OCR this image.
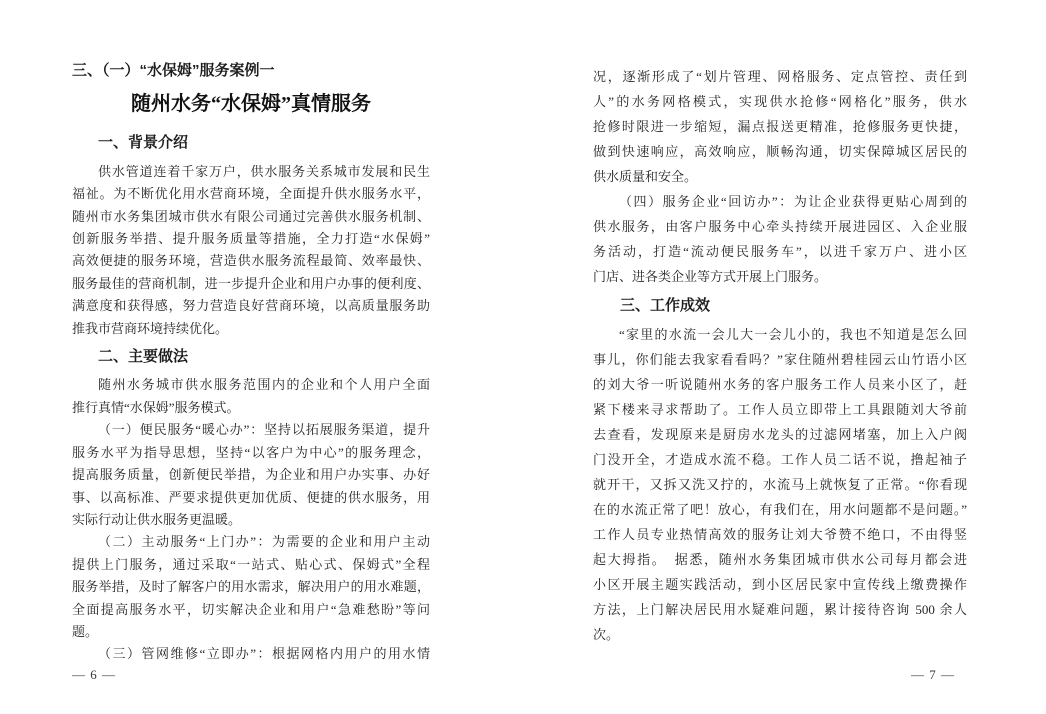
三、（一）“水保姆”服务案例一
随州水务“水保姆”真情服务
一、背景介绍
供水管道连着千家万户，供水服务关系城市发展和民生
福祉。为不断优化用水营商环境，全面提升供水服务水平，
随州市水务集团城市供水有限公司通过完善供水服务机制、
创新服务举措、提升服务质量等措施，全力打造“水保姆”
高效便捷的服务环境，营造供水服务流程最简、效率最快、
服务最佳的营商机制，进一步提升企业和用户办事的便利度、
满意度和获得感，努力营造良好营商环境，以高质量服务助
推我市营商环境持续优化。
二、主要做法
随州水务城市供水服务范围内的企业和个人用户全面
推行真情“水保姆”服务模式。
（一）便民服务“暖心办”：坚持以拓展服务渠道，提升
服务水平为指导思想，坚持“以客户为中心”的服务理念，
提高服务质量，创新便民举措，为企业和用户办实事、办好
事、以高标准、严要求提供更加优质、便捷的供水服务，用
实际行动让供水服务更温暖。
（二）主动服务“上门办”：为需要的企业和用户主动
提供上门服务，通过采取“一站式、贴心式、保姆式”全程
服务举措，及时了解客户的用水需求，解决用户的用水难题，
全面提高服务水平，切实解决企业和用户“急难愁盼”等问
题。
（三）管网维修“立即办”：根据网格内用户的用水情
— 6 —
况，逐渐形成了“划片管理、网格服务、定点管控、责任到
人”的水务网格模式，实现供水抢修“网格化”服务，供水
抢修时限进一步缩短，漏点报送更精准，抢修服务更快捷，
做到快速响应，高效响应，顺畅沟通，切实保障城区居民的
供水质量和安全。
（四）服务企业“回访办”：为让企业获得更贴心周到的
供水服务，由客户服务中心牵头持续开展进园区、入企业服
务活动，打造“流动便民服务车”，以进千家万户、进小区
门店、进各类企业等方式开展上门服务。
三、工作成效
“家里的水流一会儿大一会儿小的，我也不知道是怎么回
事儿，你们能去我家看看吗？”家住随州碧桂园云山竹语小区
的刘大爷一听说随州水务的客户服务工作人员来小区了，赶
紧下楼来寻求帮助了。工作人员立即带上工具跟随刘大爷前
去查看，发现原来是厨房水龙头的过滤网堵塞，加上入户阀
门没开全，才造成水流不稳。工作人员二话不说，撸起袖子
就开干，又拆又洗又拧的，水流马上就恢复了正常。“你看现
在的水流正常了吧！放心，有我们在，用水问题都不是问题。”
工作人员专业热情高效的服务让刘大爷赞不绝口，不由得竖
起大拇指。　据悉，随州水务集团城市供水公司每月都会进
小区开展主题实践活动，到小区居民家中宣传线上缴费操作
方法，上门解决居民用水疑难问题，累计接待咨询 500 余人
次。
— 7 —
